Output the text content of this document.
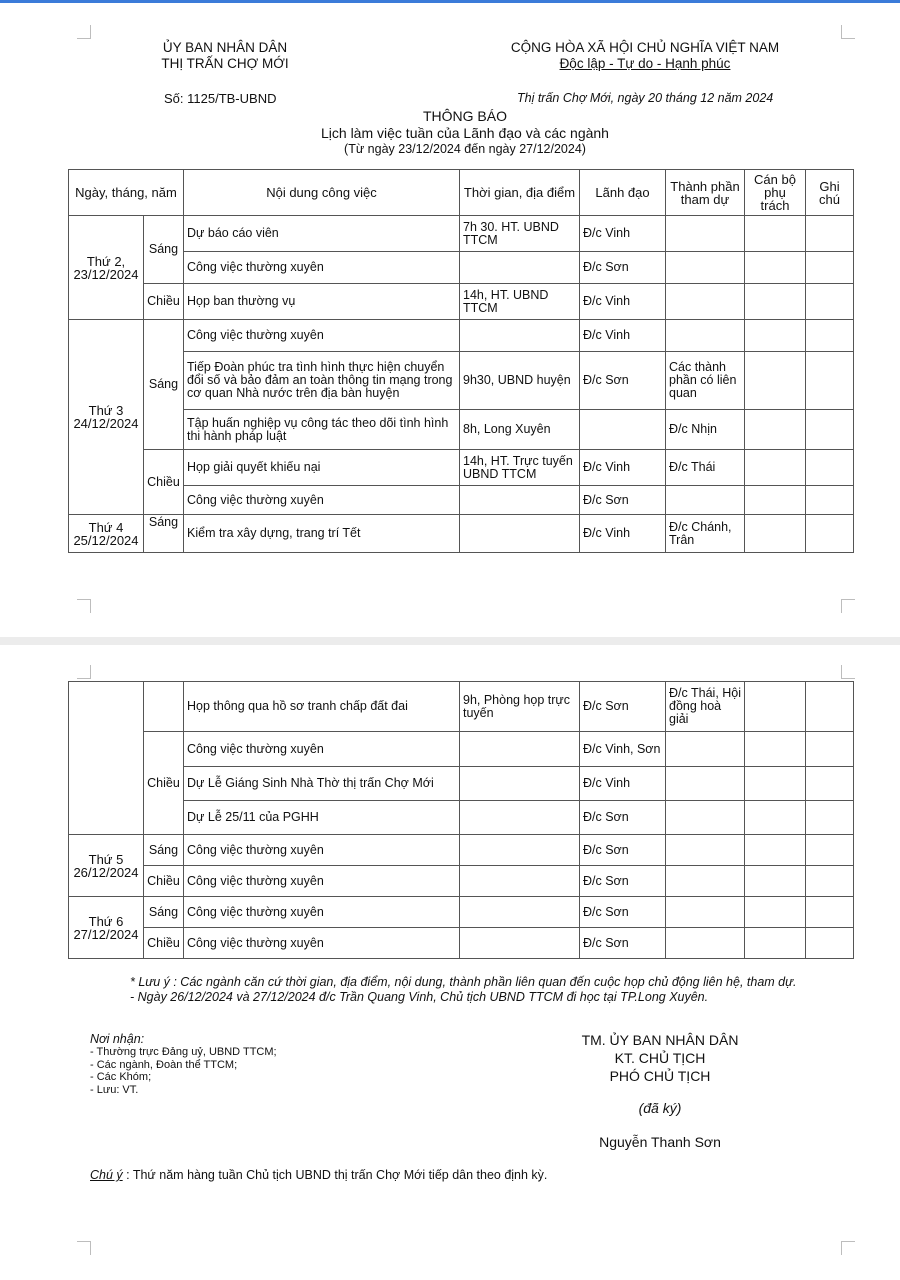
ỦY BAN NHÂN DÂN
THỊ TRẤN CHỢ MỚI
CỘNG HÒA XÃ HỘI CHỦ NGHĨA VIỆT NAM
Độc lập - Tự do - Hạnh phúc
Số: 1125/TB-UBND	Thị trấn Chợ Mới, ngày 20 tháng 12 năm 2024
THÔNG BÁO
Lịch làm việc tuần của Lãnh đạo và các ngành
(Từ ngày 23/12/2024 đến ngày 27/12/2024)
Ngày, tháng, năm		Nội dung công việc	Thời gian, địa điểm	Lãnh đạo	Thành phần tham dự	Cán bộ phụ trách	Ghi chú
Thứ 2, 23/12/2024	Sáng	Dự báo cáo viên	7h 30. HT. UBND TTCM	Đ/c Vinh			
		Công việc thường xuyên		Đ/c Sơn			
	Chiều	Họp ban thường vụ	14h, HT. UBND TTCM	Đ/c Vinh			
Thứ 3 24/12/2024	Sáng	Công việc thường xuyên		Đ/c Vinh			
		Tiếp Đoàn phúc tra tình hình thực hiện chuyển đổi số và bảo đảm an toàn thông tin mạng trong cơ quan Nhà nước trên địa bàn huyện	9h30, UBND huyện	Đ/c Sơn	Các thành phần có liên quan		
		Tập huấn nghiệp vụ công tác theo dõi tình hình thi hành pháp luật	8h, Long Xuyên		Đ/c Nhịn		
	Chiều	Họp giải quyết khiếu nại	14h, HT. Trực tuyến UBND TTCM	Đ/c Vinh	Đ/c Thái		
		Công việc thường xuyên		Đ/c Sơn			
Thứ 4 25/12/2024	Sáng	Kiểm tra xây dựng, trang trí Tết		Đ/c Vinh	Đ/c Chánh, Trân		
		Họp thông qua hồ sơ tranh chấp đất đai	9h, Phòng họp trực tuyến	Đ/c Sơn	Đ/c Thái, Hội đồng hoà giải		
	Chiều	Công việc thường xuyên		Đ/c Vinh, Sơn			
		Dự Lễ Giáng Sinh Nhà Thờ thị trấn Chợ Mới		Đ/c Vinh			
		Dự Lễ 25/11 của PGHH		Đ/c Sơn			
Thứ 5 26/12/2024	Sáng	Công việc thường xuyên		Đ/c Sơn			
	Chiều	Công việc thường xuyên		Đ/c Sơn			
Thứ 6 27/12/2024	Sáng	Công việc thường xuyên		Đ/c Sơn			
	Chiều	Công việc thường xuyên		Đ/c Sơn			
* Lưu ý : Các ngành căn cứ thời gian, địa điểm, nội dung, thành phần liên quan đến cuộc họp chủ động liên hệ, tham dự.
- Ngày 26/12/2024 và 27/12/2024 đ/c Trần Quang Vinh, Chủ tịch UBND TTCM đi học tại TP.Long Xuyên.
Nơi nhận:
- Thường trực Đảng uỷ, UBND TTCM;
- Các ngành, Đoàn thể TTCM;
- Các Khóm;
- Lưu: VT.
TM. ỦY BAN NHÂN DÂN
KT. CHỦ TỊCH
PHÓ CHỦ TỊCH
(đã ký)
Nguyễn Thanh Sơn
Chú ý : Thứ năm hàng tuần Chủ tịch UBND thị trấn Chợ Mới tiếp dân theo định kỳ.
